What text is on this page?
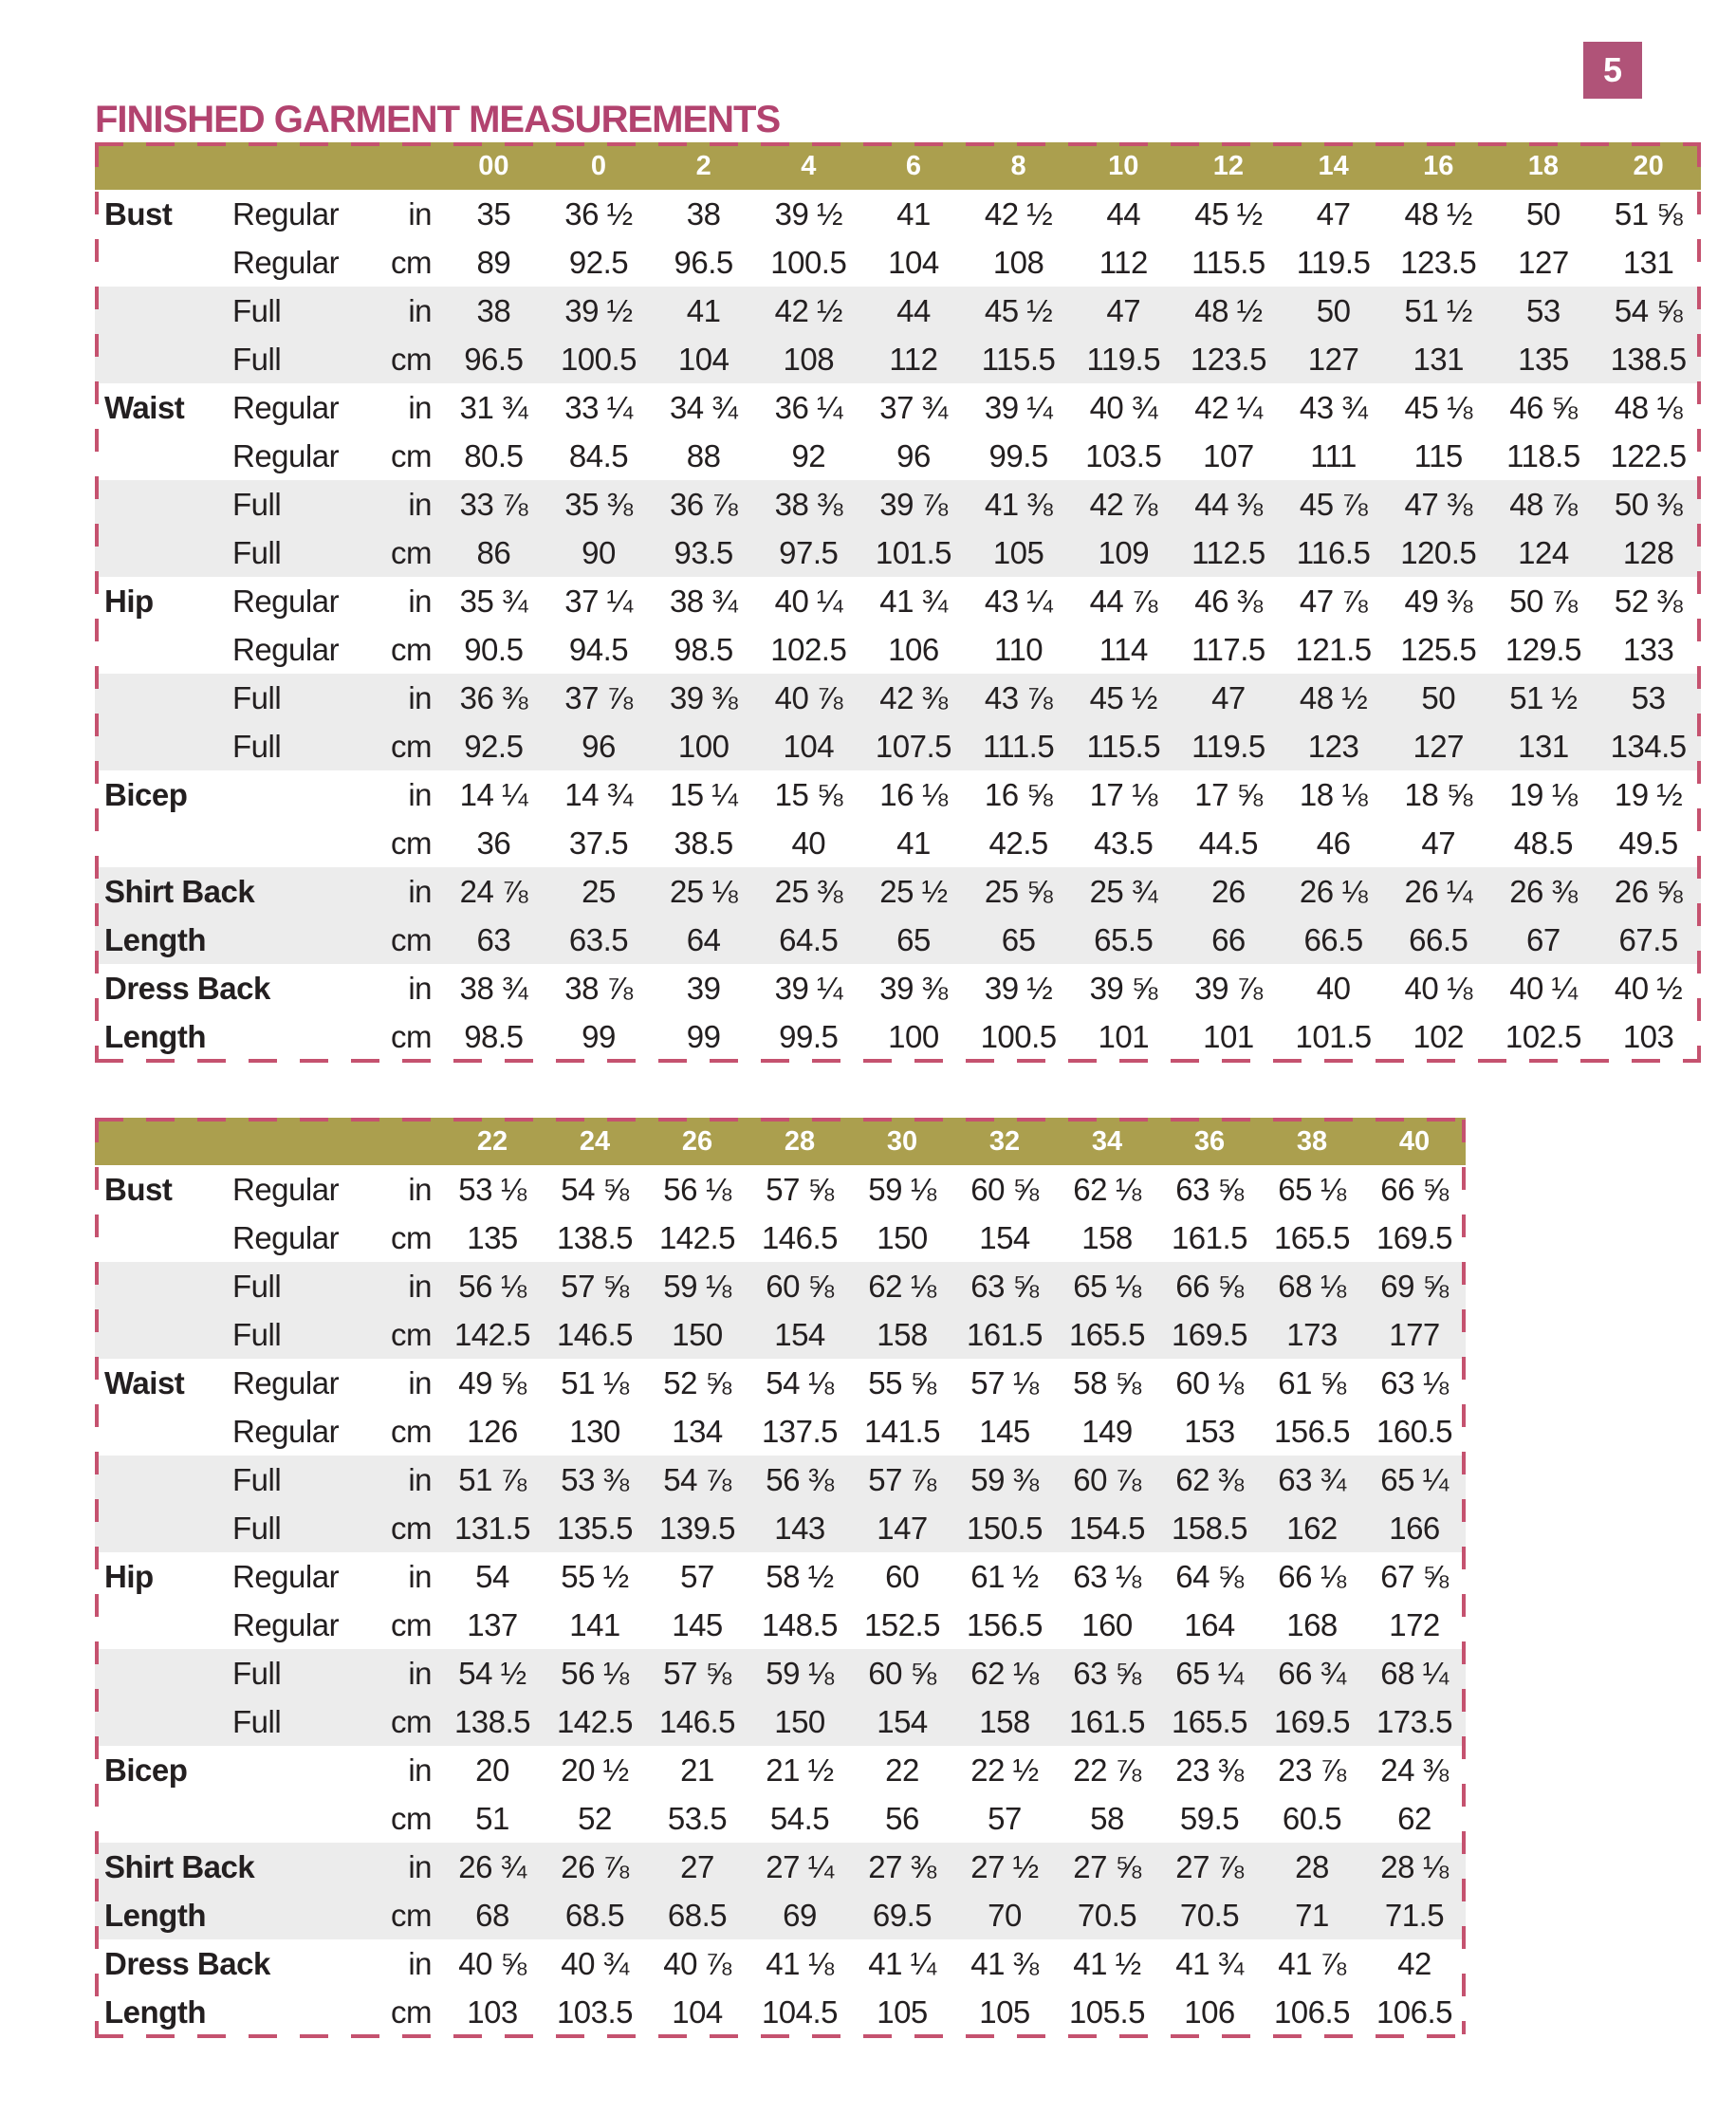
5
FINISHED GARMENT MEASUREMENTS
			00	0	2	4	6	8	10	12	14	16	18	20
Bust	Regular	in	35	36 ½	38	39 ½	41	42 ½	44	45 ½	47	48 ½	50	51 ⅝
	Regular	cm	89	92.5	96.5	100.5	104	108	112	115.5	119.5	123.5	127	131
	Full	in	38	39 ½	41	42 ½	44	45 ½	47	48 ½	50	51 ½	53	54 ⅝
	Full	cm	96.5	100.5	104	108	112	115.5	119.5	123.5	127	131	135	138.5
Waist	Regular	in	31 ¾	33 ¼	34 ¾	36 ¼	37 ¾	39 ¼	40 ¾	42 ¼	43 ¾	45 ⅛	46 ⅝	48 ⅛
	Regular	cm	80.5	84.5	88	92	96	99.5	103.5	107	111	115	118.5	122.5
	Full	in	33 ⅞	35 ⅜	36 ⅞	38 ⅜	39 ⅞	41 ⅜	42 ⅞	44 ⅜	45 ⅞	47 ⅜	48 ⅞	50 ⅜
	Full	cm	86	90	93.5	97.5	101.5	105	109	112.5	116.5	120.5	124	128
Hip	Regular	in	35 ¾	37 ¼	38 ¾	40 ¼	41 ¾	43 ¼	44 ⅞	46 ⅜	47 ⅞	49 ⅜	50 ⅞	52 ⅜
	Regular	cm	90.5	94.5	98.5	102.5	106	110	114	117.5	121.5	125.5	129.5	133
	Full	in	36 ⅜	37 ⅞	39 ⅜	40 ⅞	42 ⅜	43 ⅞	45 ½	47	48 ½	50	51 ½	53
	Full	cm	92.5	96	100	104	107.5	111.5	115.5	119.5	123	127	131	134.5
Bicep		in	14 ¼	14 ¾	15 ¼	15 ⅝	16 ⅛	16 ⅝	17 ⅛	17 ⅝	18 ⅛	18 ⅝	19 ⅛	19 ½
		cm	36	37.5	38.5	40	41	42.5	43.5	44.5	46	47	48.5	49.5
Shirt Back		in	24 ⅞	25	25 ⅛	25 ⅜	25 ½	25 ⅝	25 ¾	26	26 ⅛	26 ¼	26 ⅜	26 ⅝
Length		cm	63	63.5	64	64.5	65	65	65.5	66	66.5	66.5	67	67.5
Dress Back		in	38 ¾	38 ⅞	39	39 ¼	39 ⅜	39 ½	39 ⅝	39 ⅞	40	40 ⅛	40 ¼	40 ½
Length		cm	98.5	99	99	99.5	100	100.5	101	101	101.5	102	102.5	103
			22	24	26	28	30	32	34	36	38	40
Bust	Regular	in	53 ⅛	54 ⅝	56 ⅛	57 ⅝	59 ⅛	60 ⅝	62 ⅛	63 ⅝	65 ⅛	66 ⅝
	Regular	cm	135	138.5	142.5	146.5	150	154	158	161.5	165.5	169.5
	Full	in	56 ⅛	57 ⅝	59 ⅛	60 ⅝	62 ⅛	63 ⅝	65 ⅛	66 ⅝	68 ⅛	69 ⅝
	Full	cm	142.5	146.5	150	154	158	161.5	165.5	169.5	173	177
Waist	Regular	in	49 ⅝	51 ⅛	52 ⅝	54 ⅛	55 ⅝	57 ⅛	58 ⅝	60 ⅛	61 ⅝	63 ⅛
	Regular	cm	126	130	134	137.5	141.5	145	149	153	156.5	160.5
	Full	in	51 ⅞	53 ⅜	54 ⅞	56 ⅜	57 ⅞	59 ⅜	60 ⅞	62 ⅜	63 ¾	65 ¼
	Full	cm	131.5	135.5	139.5	143	147	150.5	154.5	158.5	162	166
Hip	Regular	in	54	55 ½	57	58 ½	60	61 ½	63 ⅛	64 ⅝	66 ⅛	67 ⅝
	Regular	cm	137	141	145	148.5	152.5	156.5	160	164	168	172
	Full	in	54 ½	56 ⅛	57 ⅝	59 ⅛	60 ⅝	62 ⅛	63 ⅝	65 ¼	66 ¾	68 ¼
	Full	cm	138.5	142.5	146.5	150	154	158	161.5	165.5	169.5	173.5
Bicep		in	20	20 ½	21	21 ½	22	22 ½	22 ⅞	23 ⅜	23 ⅞	24 ⅜
		cm	51	52	53.5	54.5	56	57	58	59.5	60.5	62
Shirt Back		in	26 ¾	26 ⅞	27	27 ¼	27 ⅜	27 ½	27 ⅝	27 ⅞	28	28 ⅛
Length		cm	68	68.5	68.5	69	69.5	70	70.5	70.5	71	71.5
Dress Back		in	40 ⅝	40 ¾	40 ⅞	41 ⅛	41 ¼	41 ⅜	41 ½	41 ¾	41 ⅞	42
Length		cm	103	103.5	104	104.5	105	105	105.5	106	106.5	106.5
